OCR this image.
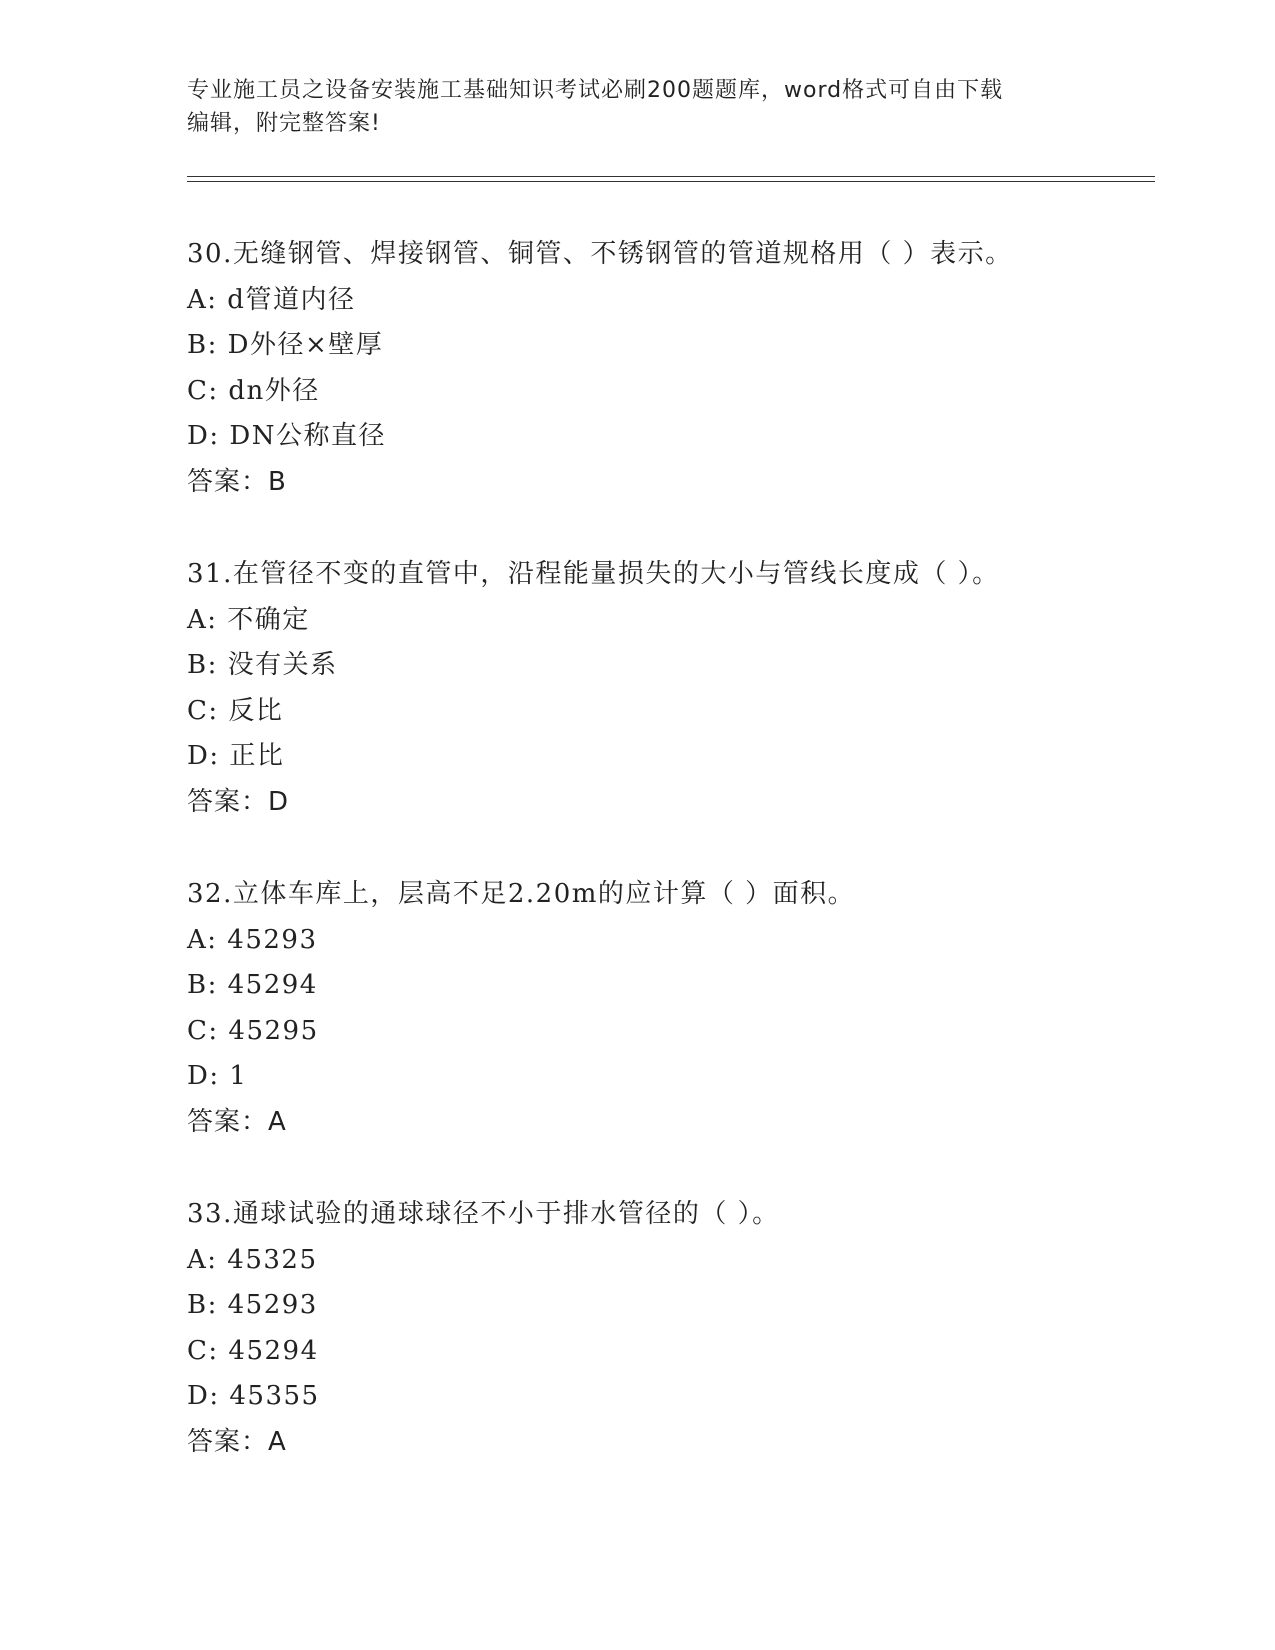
专业施工员之设备安装施工基础知识考试必刷200题题库，word格式可自由下载
编辑，附完整答案!
30.无缝钢管、焊接钢管、铜管、不锈钢管的管道规格用（ ）表示。
A: d管道内径
B: D外径×壁厚
C: dn外径
D: DN公称直径
答案：B
31.在管径不变的直管中，沿程能量损失的大小与管线长度成（ ）。
A: 不确定
B: 没有关系
C: 反比
D: 正比
答案：D
32.立体车库上，层高不足2.20m的应计算（ ）面积。
A: 45293
B: 45294
C: 45295
D: 1
答案：A
33.通球试验的通球球径不小于排水管径的（ ）。
A: 45325
B: 45293
C: 45294
D: 45355
答案：A
